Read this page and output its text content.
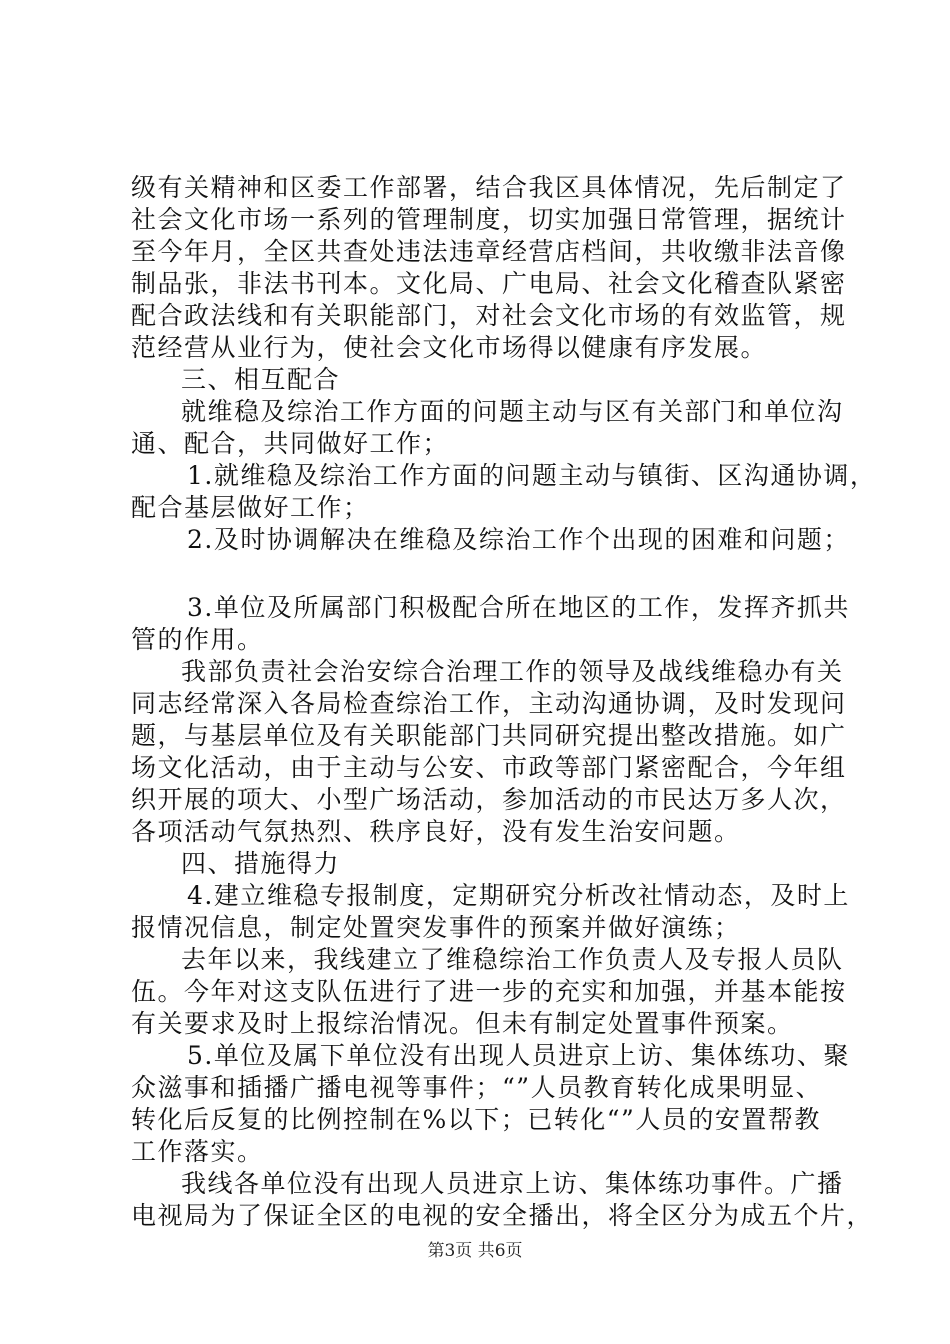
级有关精神和区委工作部署，结合我区具体情况，先后制定了
社会文化市场一系列的管理制度，切实加强日常管理，据统计
至今年月，全区共查处违法违章经营店档间，共收缴非法音像
制品张，非法书刊本。文化局、广电局、社会文化稽查队紧密
配合政法线和有关职能部门，对社会文化市场的有效监管，规
范经营从业行为，使社会文化市场得以健康有序发展。
三、相互配合
就维稳及综治工作方面的问题主动与区有关部门和单位沟
通、配合，共同做好工作；
1.就维稳及综治工作方面的问题主动与镇街、区沟通协调，
配合基层做好工作；
2.及时协调解决在维稳及综治工作个出现的困难和问题；
3.单位及所属部门积极配合所在地区的工作，发挥齐抓共
管的作用。
我部负责社会治安综合治理工作的领导及战线维稳办有关
同志经常深入各局检查综治工作，主动沟通协调，及时发现问
题，与基层单位及有关职能部门共同研究提出整改措施。如广
场文化活动，由于主动与公安、市政等部门紧密配合，今年组
织开展的项大、小型广场活动，参加活动的市民达万多人次，
各项活动气氛热烈、秩序良好，没有发生治安问题。
四、措施得力
4.建立维稳专报制度，定期研究分析改社情动态，及时上
报情况信息，制定处置突发事件的预案并做好演练；
去年以来，我线建立了维稳综治工作负责人及专报人员队
伍。今年对这支队伍进行了进一步的充实和加强，并基本能按
有关要求及时上报综治情况。但未有制定处置事件预案。
5.单位及属下单位没有出现人员进京上访、集体练功、聚
众滋事和插播广播电视等事件；“”人员教育转化成果明显、
转化后反复的比例控制在%以下；已转化“”人员的安置帮教
工作落实。
我线各单位没有出现人员进京上访、集体练功事件。广播
电视局为了保证全区的电视的安全播出，将全区分为成五个片，
第3页 共6页
